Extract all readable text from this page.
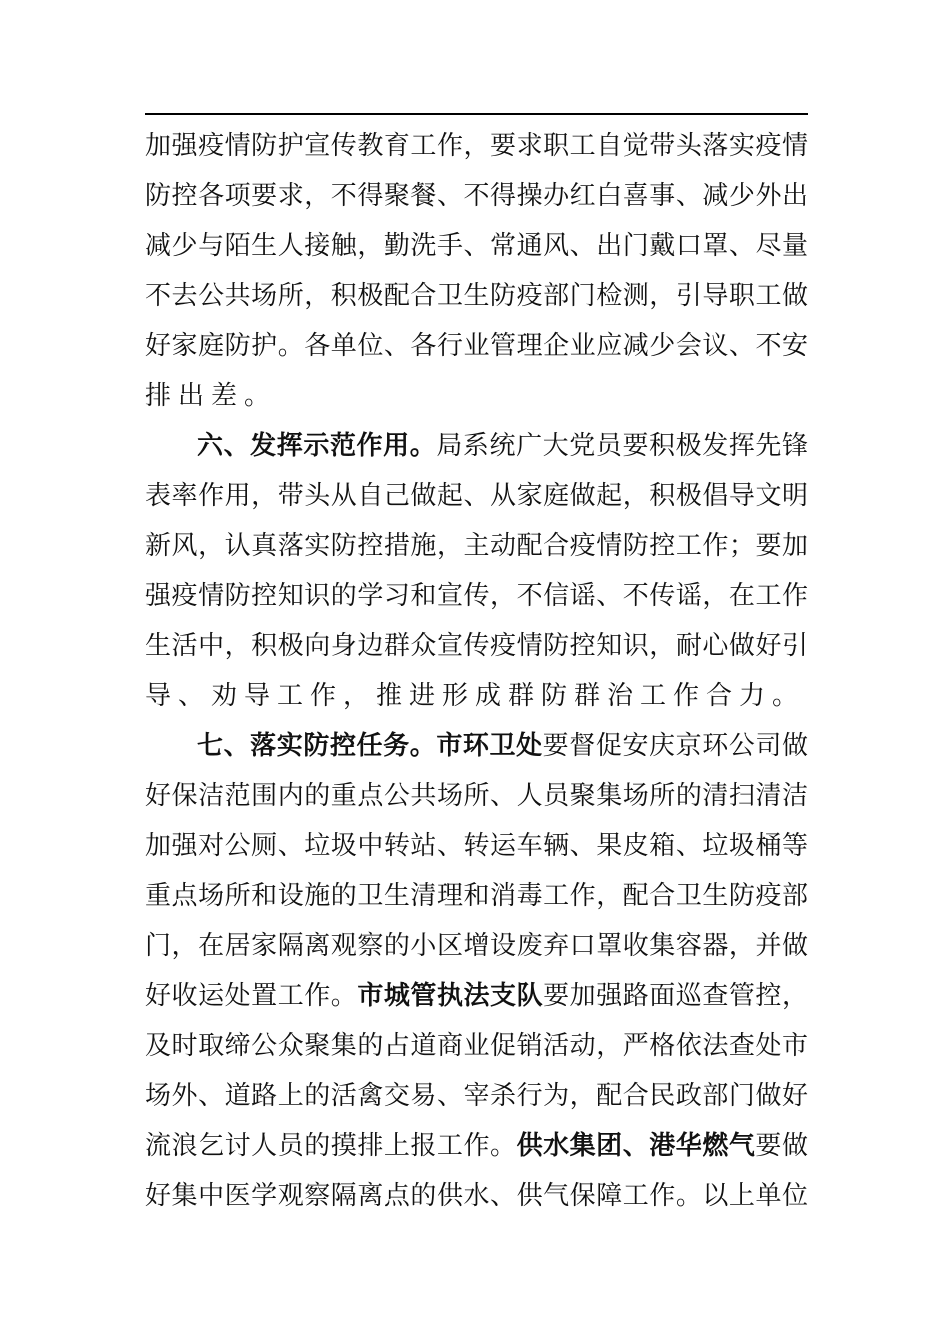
加强疫情防护宣传教育工作，要求职工自觉带头落实疫情
防控各项要求，不得聚餐、不得操办红白喜事、减少外出
减少与陌生人接触，勤洗手、常通风、出门戴口罩、尽量
不去公共场所，积极配合卫生防疫部门检测，引导职工做
好家庭防护。各单位、各行业管理企业应减少会议、不安
排出差。
六、发挥示范作用。局系统广大党员要积极发挥先锋
表率作用，带头从自己做起、从家庭做起，积极倡导文明
新风，认真落实防控措施，主动配合疫情防控工作；要加
强疫情防控知识的学习和宣传，不信谣、不传谣，在工作
生活中，积极向身边群众宣传疫情防控知识，耐心做好引
导、劝导工作，推进形成群防群治工作合力。
七、落实防控任务。市环卫处要督促安庆京环公司做
好保洁范围内的重点公共场所、人员聚集场所的清扫清洁
加强对公厕、垃圾中转站、转运车辆、果皮箱、垃圾桶等
重点场所和设施的卫生清理和消毒工作，配合卫生防疫部
门，在居家隔离观察的小区增设废弃口罩收集容器，并做
好收运处置工作。市城管执法支队要加强路面巡查管控，
及时取缔公众聚集的占道商业促销活动，严格依法查处市
场外、道路上的活禽交易、宰杀行为，配合民政部门做好
流浪乞讨人员的摸排上报工作。供水集团、港华燃气要做
好集中医学观察隔离点的供水、供气保障工作。以上单位
